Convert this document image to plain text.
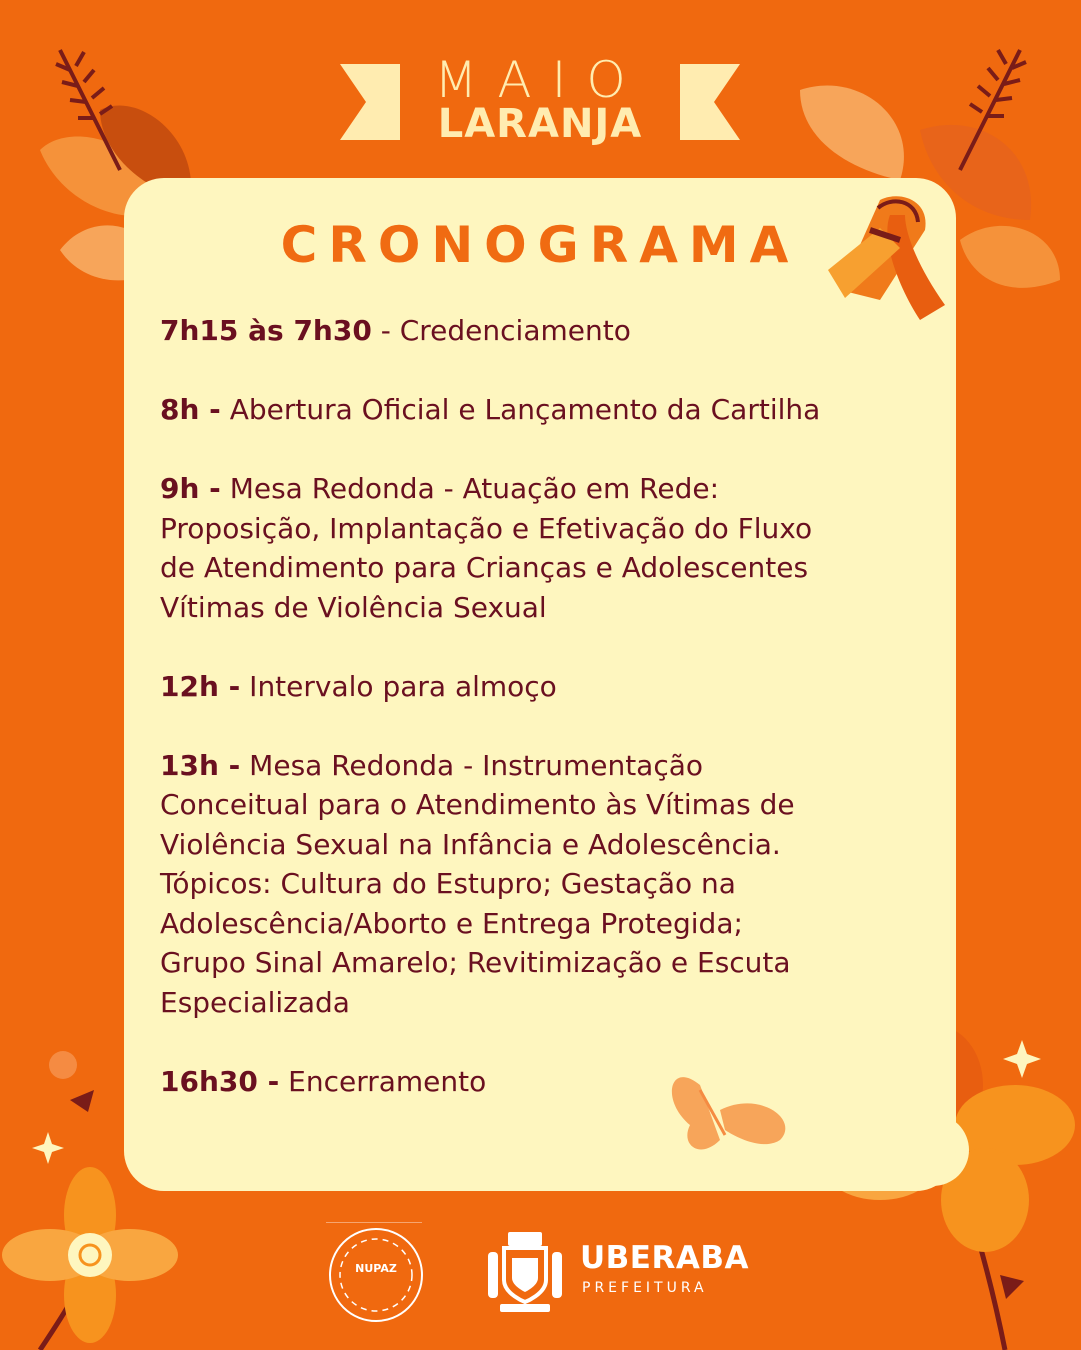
MAIO
LARANJA
CRONOGRAMA
7h15 às 7h30 - Credenciamento
8h - Abertura Oficial e Lançamento da Cartilha
9h - Mesa Redonda - Atuação em Rede:
Proposição, Implantação e Efetivação do Fluxo
de Atendimento para Crianças e Adolescentes
Vítimas de Violência Sexual
12h - Intervalo para almoço
13h - Mesa Redonda - Instrumentação
Conceitual para o Atendimento às Vítimas de
Violência Sexual na Infância e Adolescência.
Tópicos: Cultura do Estupro; Gestação na
Adolescência/Aborto e Entrega Protegida;
Grupo Sinal Amarelo; Revitimização e Escuta
Especializada
16h30 - Encerramento
NUPAZ	UBERABA
PREFEITURA
